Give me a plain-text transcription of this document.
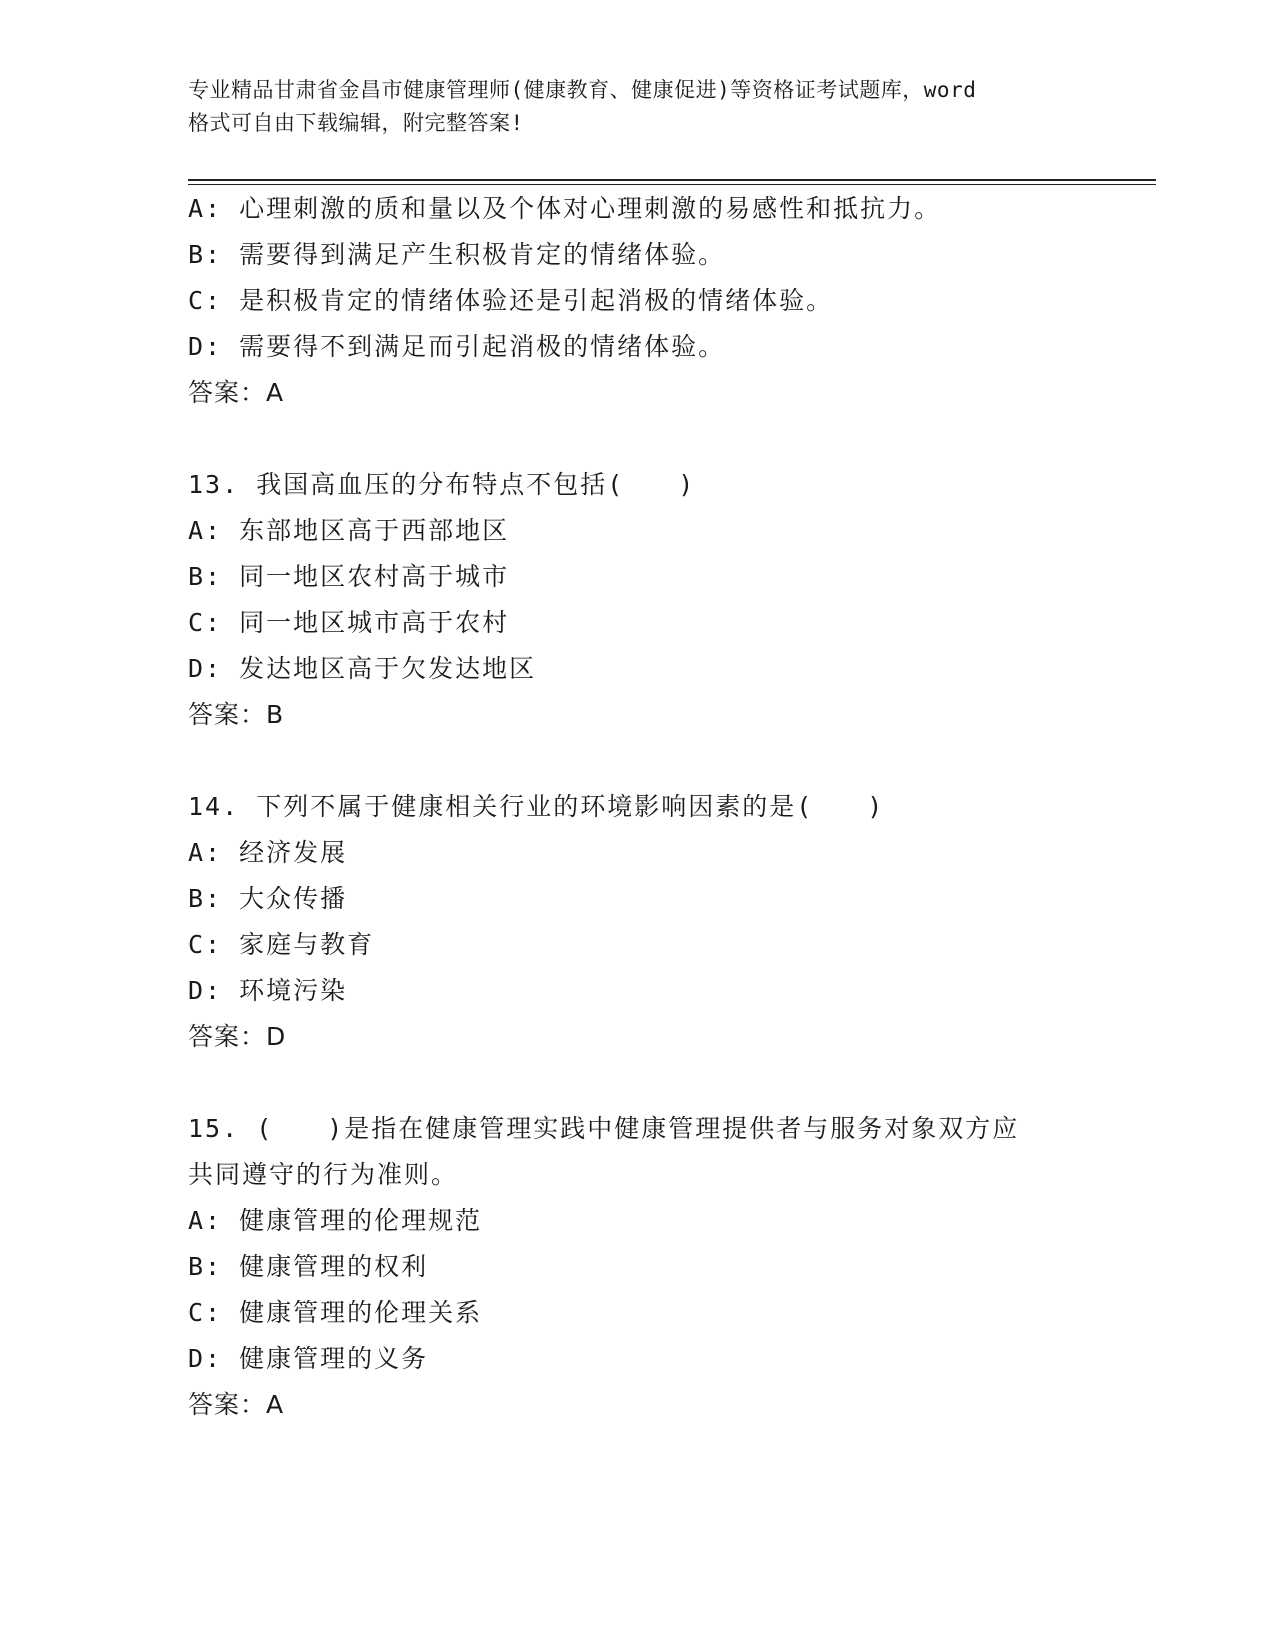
专业精品甘肃省金昌市健康管理师(健康教育、健康促进)等资格证考试题库，word
格式可自由下载编辑，附完整答案!
A: 心理刺激的质和量以及个体对心理刺激的易感性和抵抗力。
B: 需要得到满足产生积极肯定的情绪体验。
C: 是积极肯定的情绪体验还是引起消极的情绪体验。
D: 需要得不到满足而引起消极的情绪体验。
答案：A
13. 我国高血压的分布特点不包括(　　)
A: 东部地区高于西部地区
B: 同一地区农村高于城市
C: 同一地区城市高于农村
D: 发达地区高于欠发达地区
答案：B
14. 下列不属于健康相关行业的环境影响因素的是(　　)
A: 经济发展
B: 大众传播
C: 家庭与教育
D: 环境污染
答案：D
15. (　　)是指在健康管理实践中健康管理提供者与服务对象双方应
共同遵守的行为准则。
A: 健康管理的伦理规范
B: 健康管理的权利
C: 健康管理的伦理关系
D: 健康管理的义务
答案：A
